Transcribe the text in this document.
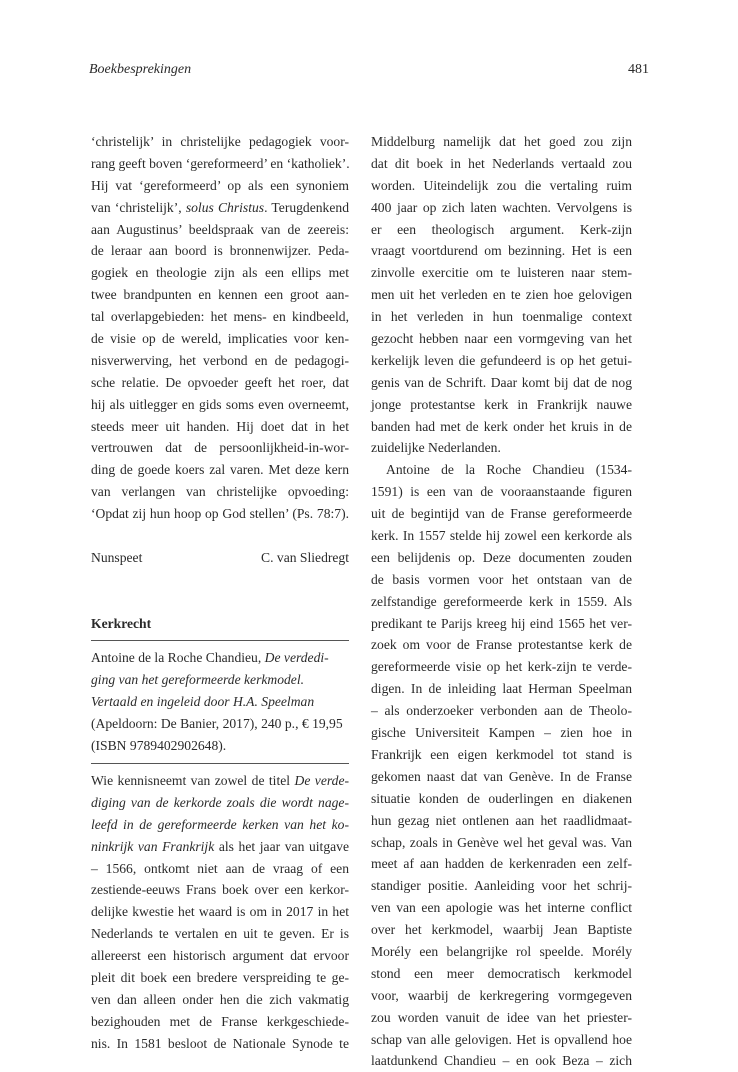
Boekbesprekingen	481
‘christelijk’ in christelijke pedagogiek voor-
rang geeft boven ‘gereformeerd’ en ‘katholiek’.
Hij vat ‘gereformeerd’ op als een synoniem
van ‘christelijk’, solus Christus. Terugdenkend
aan Augustinus’ beeldspraak van de zeereis:
de leraar aan boord is bronnenwijzer. Peda-
gogiek en theologie zijn als een ellips met
twee brandpunten en kennen een groot aan-
tal overlapgebieden: het mens- en kindbeeld,
de visie op de wereld, implicaties voor ken-
nisverwerving, het verbond en de pedagogi-
sche relatie. De opvoeder geeft het roer, dat
hij als uitlegger en gids soms even overneemt,
steeds meer uit handen. Hij doet dat in het
vertrouwen dat de persoonlijkheid-in-wor-
ding de goede koers zal varen. Met deze kern
van verlangen van christelijke opvoeding:
‘Opdat zij hun hoop op God stellen’ (Ps. 78:7).
Nunspeet	C. van Sliedregt
Kerkrecht
Antoine de la Roche Chandieu, De verdedi-
ging van het gereformeerde kerkmodel.
Vertaald en ingeleid door H.A. Speelman
(Apeldoorn: De Banier, 2017), 240 p., € 19,95
(ISBN 9789402902648).
Wie kennisneemt van zowel de titel De verde-
diging van de kerkorde zoals die wordt nage-
leefd in de gereformeerde kerken van het ko-
ninkrijk van Frankrijk als het jaar van uitgave
– 1566, ontkomt niet aan de vraag of een
zestiende-eeuws Frans boek over een kerkor-
delijke kwestie het waard is om in 2017 in het
Nederlands te vertalen en uit te geven. Er is
allereerst een historisch argument dat ervoor
pleit dit boek een bredere verspreiding te ge-
ven dan alleen onder hen die zich vakmatig
bezighouden met de Franse kerkgeschiede-
nis. In 1581 besloot de Nationale Synode te
Middelburg namelijk dat het goed zou zijn
dat dit boek in het Nederlands vertaald zou
worden. Uiteindelijk zou die vertaling ruim
400 jaar op zich laten wachten. Vervolgens is
er een theologisch argument. Kerk-zijn
vraagt voortdurend om bezinning. Het is een
zinvolle exercitie om te luisteren naar stem-
men uit het verleden en te zien hoe gelovigen
in het verleden in hun toenmalige context
gezocht hebben naar een vormgeving van het
kerkelijk leven die gefundeerd is op het getui-
genis van de Schrift. Daar komt bij dat de nog
jonge protestantse kerk in Frankrijk nauwe
banden had met de kerk onder het kruis in de
zuidelijke Nederlanden.
Antoine de la Roche Chandieu (1534-
1591) is een van de vooraanstaande figuren
uit de begintijd van de Franse gereformeerde
kerk. In 1557 stelde hij zowel een kerkorde als
een belijdenis op. Deze documenten zouden
de basis vormen voor het ontstaan van de
zelfstandige gereformeerde kerk in 1559. Als
predikant te Parijs kreeg hij eind 1565 het ver-
zoek om voor de Franse protestantse kerk de
gereformeerde visie op het kerk-zijn te verde-
digen. In de inleiding laat Herman Speelman
– als onderzoeker verbonden aan de Theolo-
gische Universiteit Kampen – zien hoe in
Frankrijk een eigen kerkmodel tot stand is
gekomen naast dat van Genève. In de Franse
situatie konden de ouderlingen en diakenen
hun gezag niet ontlenen aan het raadlidmaat-
schap, zoals in Genève wel het geval was. Van
meet af aan hadden de kerkenraden een zelf-
standiger positie. Aanleiding voor het schrij-
ven van een apologie was het interne conflict
over het kerkmodel, waarbij Jean Baptiste
Morély een belangrijke rol speelde. Morély
stond een meer democratisch kerkmodel
voor, waarbij de kerkregering vormgegeven
zou worden vanuit de idee van het priester-
schap van alle gelovigen. Het is opvallend hoe
laatdunkend Chandieu – en ook Beza – zich
